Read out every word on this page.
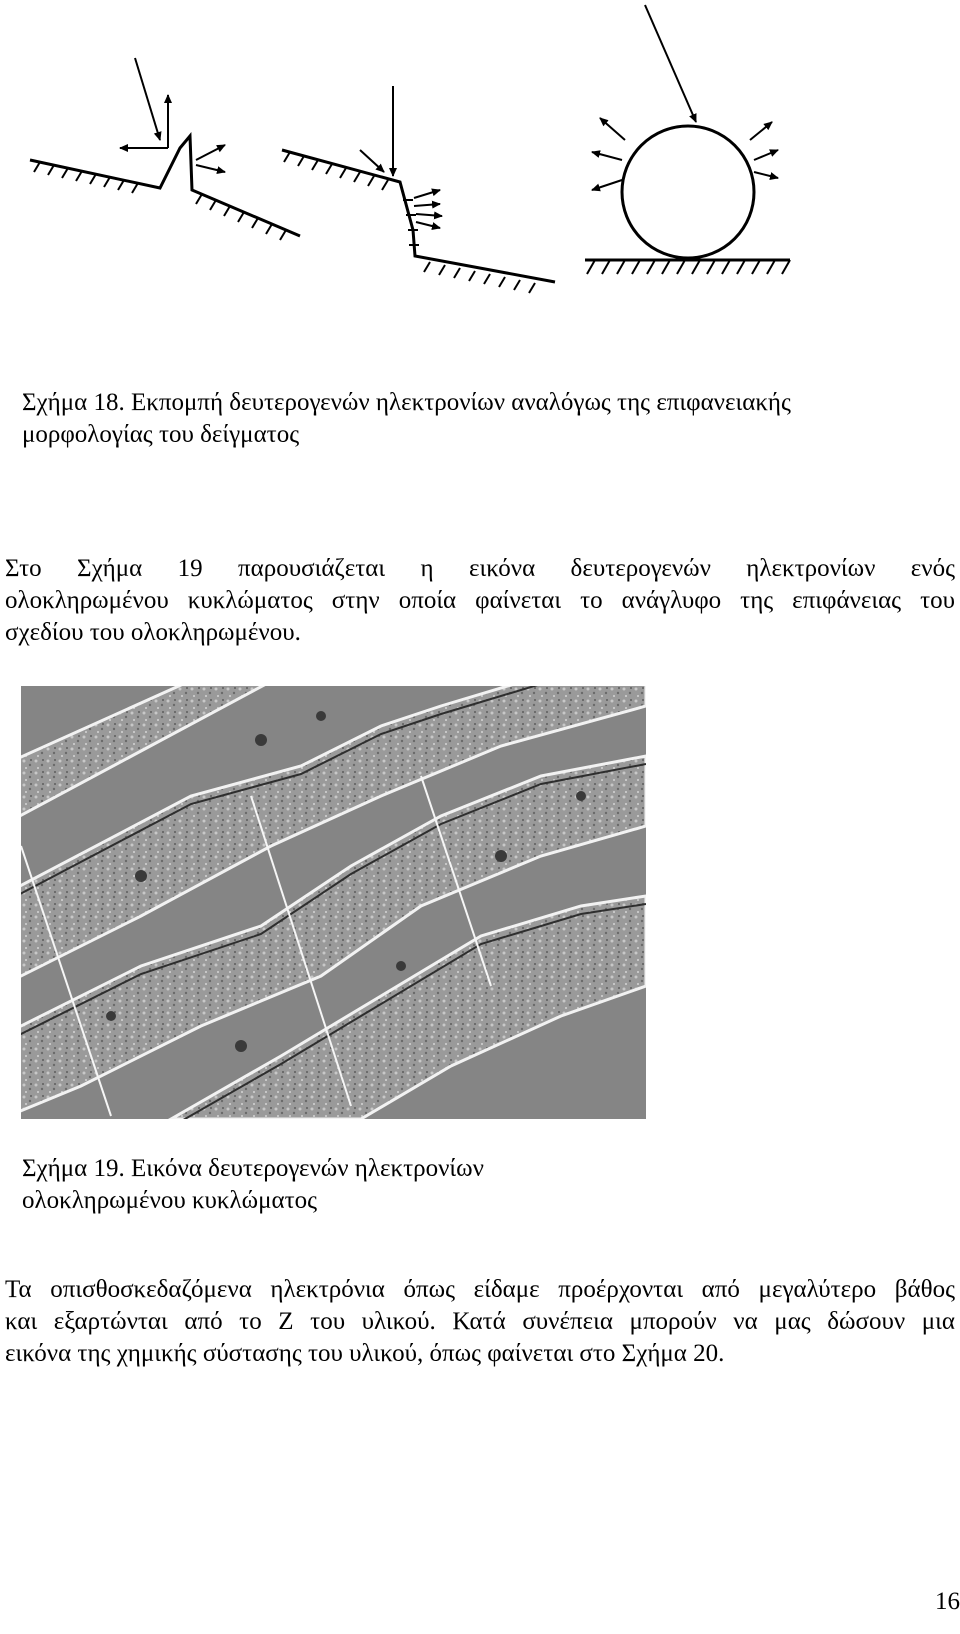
Σχήμα 18. Εκπομπή δευτερογενών ηλεκτρονίων αναλόγως της επιφανειακής
μορφολογίας του δείγματος
Στο Σχήμα 19 παρουσιάζεται η εικόνα δευτερογενών ηλεκτρονίων ενός
ολοκληρωμένου κυκλώματος στην οποία φαίνεται το ανάγλυφο της επιφάνειας του
σχεδίου του ολοκληρωμένου.
Σχήμα 19. Εικόνα δευτερογενών ηλεκτρονίων
ολοκληρωμένου κυκλώματος
Τα οπισθοσκεδαζόμενα ηλεκτρόνια όπως είδαμε προέρχονται από μεγαλύτερο βάθος
και εξαρτώνται από το Ζ του υλικού. Κατά συνέπεια μπορούν να μας δώσουν μια
εικόνα της χημικής σύστασης του υλικού, όπως φαίνεται στο Σχήμα 20.
16
